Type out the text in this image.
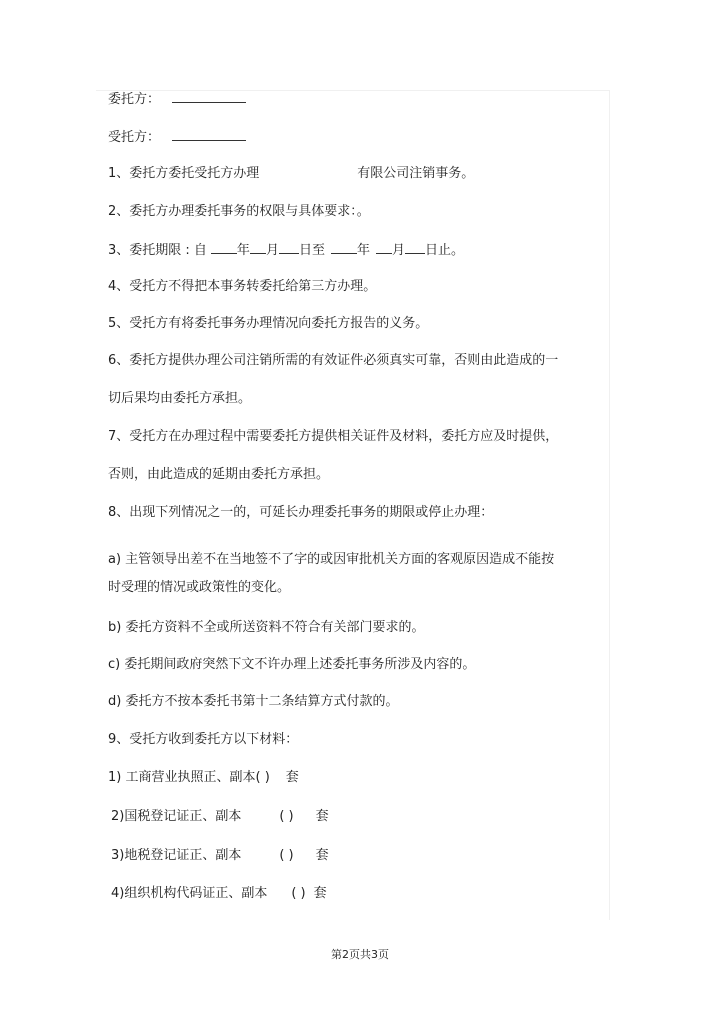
委托方：
受托方：
1、委托方委托受托方办理	有限公司注销事务。
2、委托方办理委托事务的权限与具体要求：。
3、委托期限 : 自 年 月 日至 年 月 日止。
4、受托方不得把本事务转委托给第三方办理。
5、受托方有将委托事务办理情况向委托方报告的义务。
6、委托方提供办理公司注销所需的有效证件必须真实可靠，否则由此造成的一
切后果均由委托方承担。
7、受托方在办理过程中需要委托方提供相关证件及材料，委托方应及时提供，
否则，由此造成的延期由委托方承担。
8、出现下列情况之一的，可延长办理委托事务的期限或停止办理：
a) 主管领导出差不在当地签不了字的或因审批机关方面的客观原因造成不能按
时受理的情况或政策性的变化。
b) 委托方资料不全或所送资料不符合有关部门要求的。
c) 委托期间政府突然下文不许办理上述委托事务所涉及内容的。
d) 委托方不按本委托书第十二条结算方式付款的。
9、受托方收到委托方以下材料：
1) 工商营业执照正、副本( ) 套
2)国税登记证正、副本	( ) 套
3)地税登记证正、副本	( ) 套
4)组织机构代码证正、副本 ( ) 套
第2页共3页
